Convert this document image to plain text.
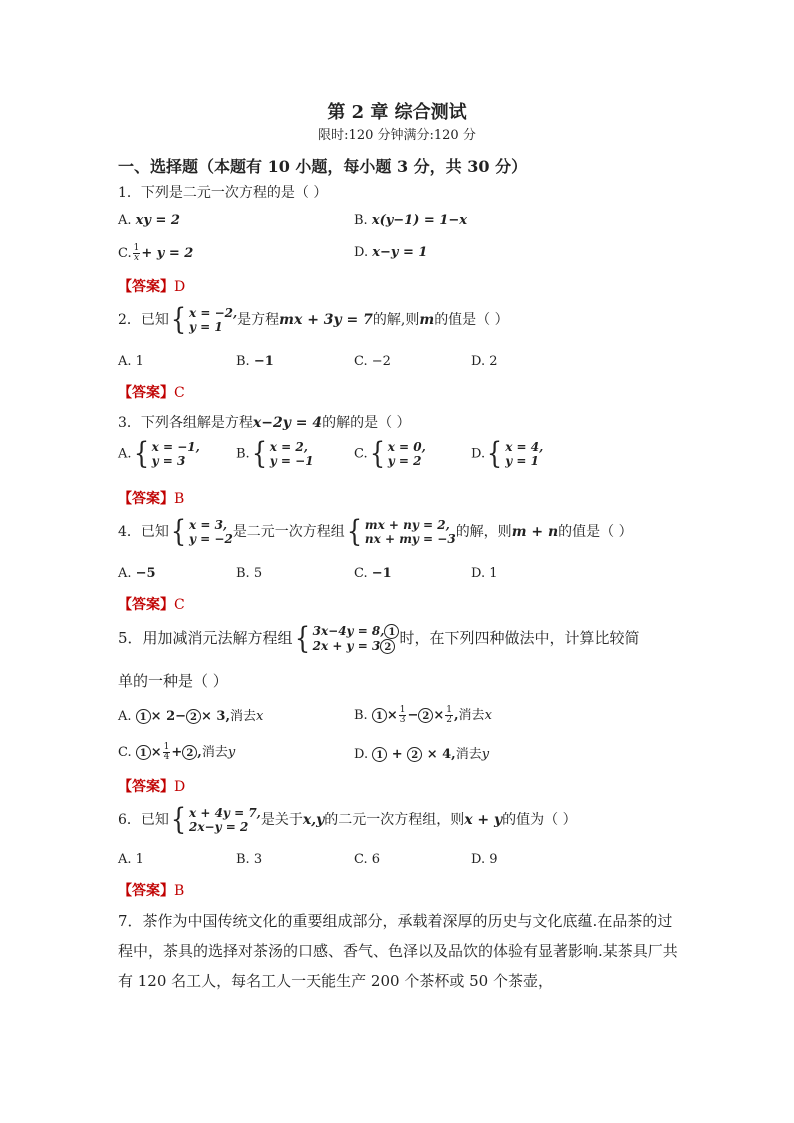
第 2 章 综合测试
限时:120 分钟满分:120 分
一、选择题（本题有 10 小题，每小题 3 分，共 30 分）
1．下列是二元一次方程的是（ ）
A. xy = 2	B. x(y−1) = 1−x
C. $\frac{1}{x} + y = 2$	D. x−y = 1
【答案】D
2．已知 { x = −2,
y = 1	是方程mx + 3y = 7的解,则m的值是（ ）
A. 1	B. −1	C. −2	D. 2
【答案】C
3．下列各组解是方程x−2y = 4的解的是（ ）
A. { x = −1,
y = 3	B. { x = 2,
y = −1	C. { x = 0,
y = 2	D. { x = 4,
y = 1
【答案】B
4．已知 { x = 3,
y = −2 是二元一次方程组 { mx + ny = 2,
nx + my = −3 的解，则m + n的值是（ ）
A. −5	B. 5	C. −1	D. 1
【答案】C
5．用加减消元法解方程组 { 3x−4y = 8, 1
2x + y = 3 2
时，在下列四种做法中，计算比较简
单的一种是（ ）
A. 1 × 2− 2 × 3,消去x	B. $1 \times \frac{1}{3} - 2 \times \frac{1}{2}$ ,消去x
C. $1 \times \frac{1}{4} + 2$ ,消去y	D. 1 + 2 × 4,消去y
【答案】D
6．已知 { x + 4y = 7,
2x−y = 2 是关于x,y的二元一次方程组，则x + y的值为（ ）
A. 1	B. 3	C. 6	D. 9
【答案】B
7．茶作为中国传统文化的重要组成部分，承载着深厚的历史与文化底蕴.在品茶的过程中，茶具的选择对茶汤的口感、香气、色泽以及品饮的体验有显著影响.某茶具厂共有 120 名工人，每名工人一天能生产 200 个茶杯或 50 个茶壶，
